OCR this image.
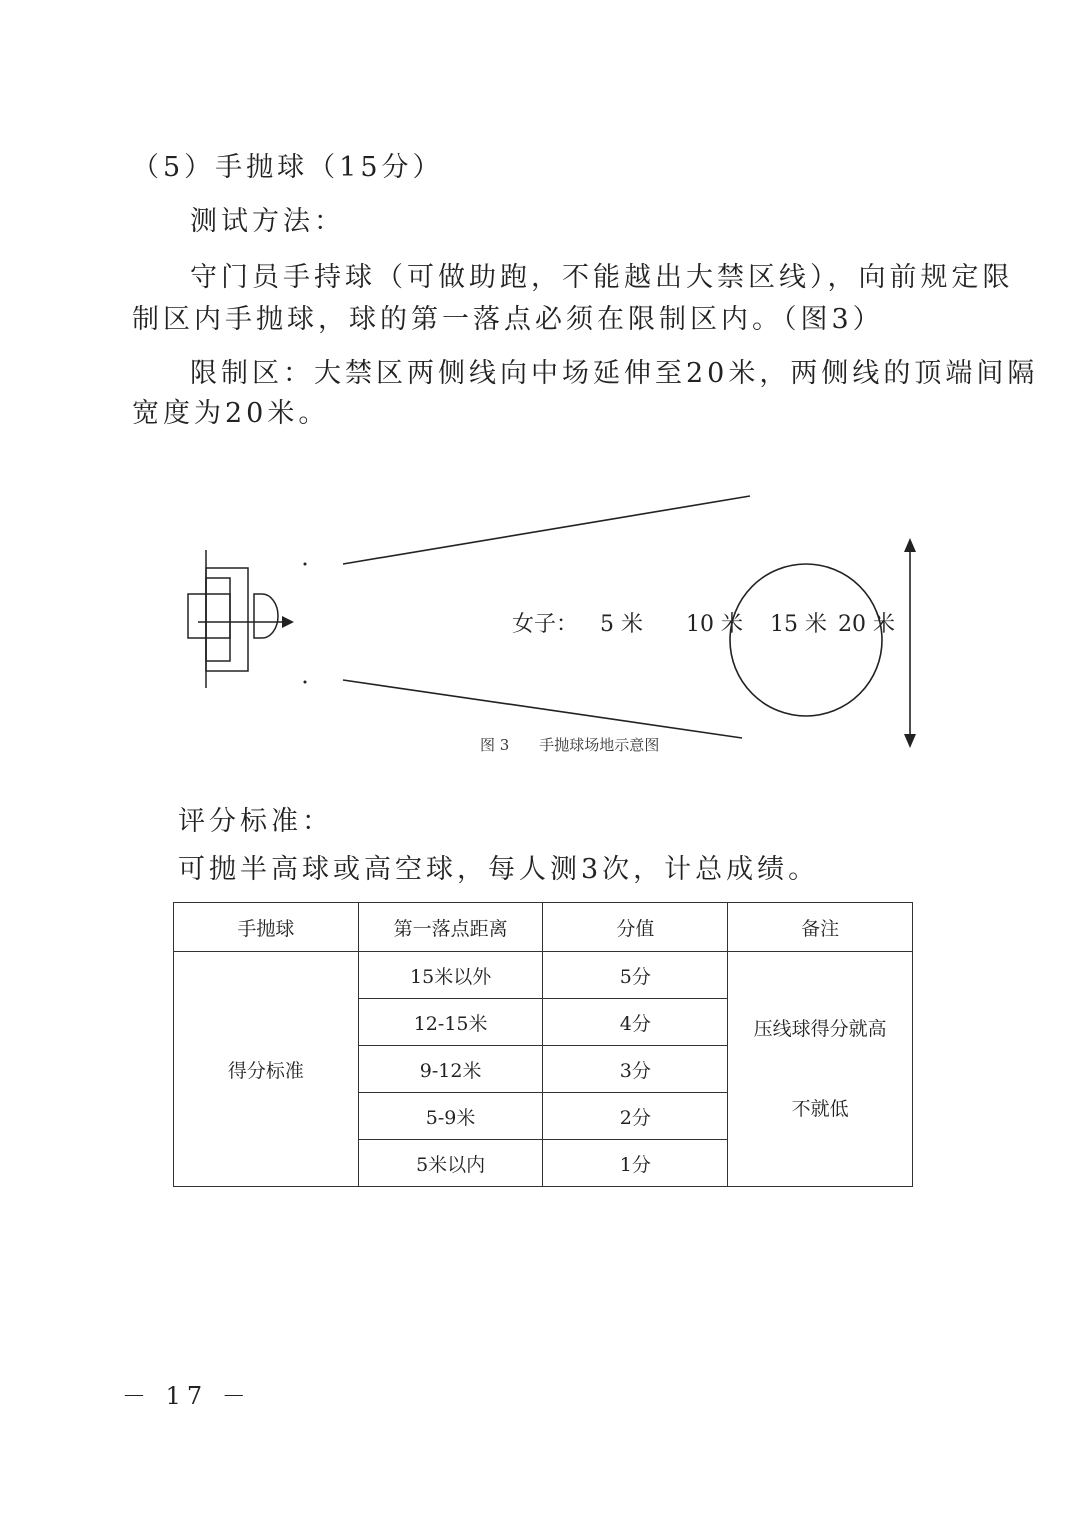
（5）手抛球（15分）
测试方法：
守门员手持球（可做助跑，不能越出大禁区线），向前规定限
制区内手抛球，球的第一落点必须在限制区内。（图3）
限制区：大禁区两侧线向中场延伸至20米，两侧线的顶端间隔
宽度为20米。
女子： 5 米 10 米 15 米 20 米
图 3　　手抛球场地示意图
评分标准：
可抛半高球或高空球，每人测3次，计总成绩。
手抛球	第一落点距离	分值	备注
得分标准	15米以外	5分	压线球得分就高
不就低

	12-15米	4分	
	9-12米	3分	
	5-9米	2分	
	5米以内	1分	
－ 17 －
